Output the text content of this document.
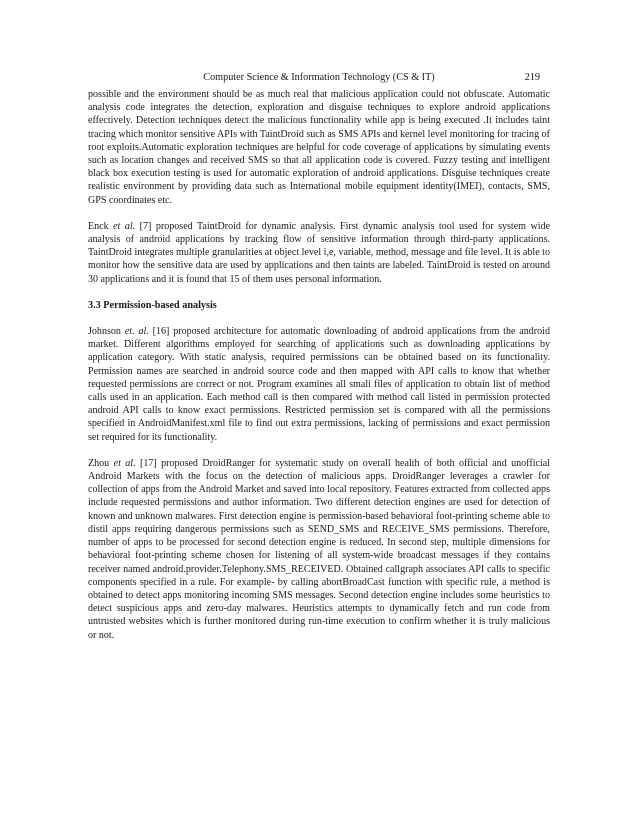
Computer Science & Information Technology (CS & IT)	219

possible and the environment should be as much real that malicious application could not obfuscate. Automatic analysis code integrates the detection, exploration and disguise techniques to explore android applications effectively. Detection techniques detect the malicious functionality while app is being executed .It includes taint tracing which monitor sensitive APIs with TaintDroid such as SMS APIs and kernel level monitoring for tracing of root exploits.Automatic exploration techniques are helpful for code coverage of applications by simulating events such as location changes and received SMS so that all application code is covered. Fuzzy testing and intelligent black box execution testing is used for automatic exploration of android applications. Disguise techniques create realistic environment by providing data such as International mobile equipment identity(IMEI), contacts, SMS, GPS coordinates etc.

Enck et al. [7] proposed TaintDroid for dynamic analysis. First dynamic analysis tool used for system wide analysis of android applications by tracking flow of sensitive information through third-party applications. TaintDroid integrates multiple granularities at object level i,e, variable, method, message and file level. It is able to monitor how the sensitive data are used by applications and then taints are labeled. TaintDroid is tested on around 30 applications and it is found that 15 of them uses personal information.

3.3 Permission-based analysis

Johnson et. al. [16] proposed architecture for automatic downloading of android applications from the android market. Different algorithms employed for searching of applications such as downloading applications by application category. With static analysis, required permissions can be obtained based on its functionality. Permission names are searched in android source code and then mapped with API calls to know that whether requested permissions are correct or not. Program examines all smali files of application to obtain list of method calls used in an application. Each method call is then compared with method call listed in permission protected android API calls to know exact permissions. Restricted permission set is compared with all the permissions specified in AndroidManifest.xml file to find out extra permissions, lacking of permissions and exact permission set required for its functionality.

Zhou et al. [17] proposed DroidRanger for systematic study on overall health of both official and unofficial Android Markets with the focus on the detection of malicious apps. DroidRanger leverages a crawler for collection of apps from the Android Market and saved into local repository. Features extracted from collected apps include requested permissions and author information. Two different detection engines are used for detection of known and unknown malwares. First detection engine is permission-based behavioral foot-printing scheme able to distil apps requiring dangerous permissions such as SEND_SMS and RECEIVE_SMS permissions. Therefore, number of apps to be processed for second detection engine is reduced. In second step, multiple dimensions for behavioral foot-printing scheme chosen for listening of all system-wide broadcast messages if they contains receiver named android.provider.Telephony.SMS_RECEIVED. Obtained callgraph associates API calls to specific components specified in a rule. For example- by calling abortBroadCast function with specific rule, a method is obtained to detect apps monitoring incoming SMS messages. Second detection engine includes some heuristics to detect suspicious apps and zero-day malwares. Heuristics attempts to dynamically fetch and run code from untrusted websites which is further monitored during run-time execution to confirm whether it is truly malicious or not.
